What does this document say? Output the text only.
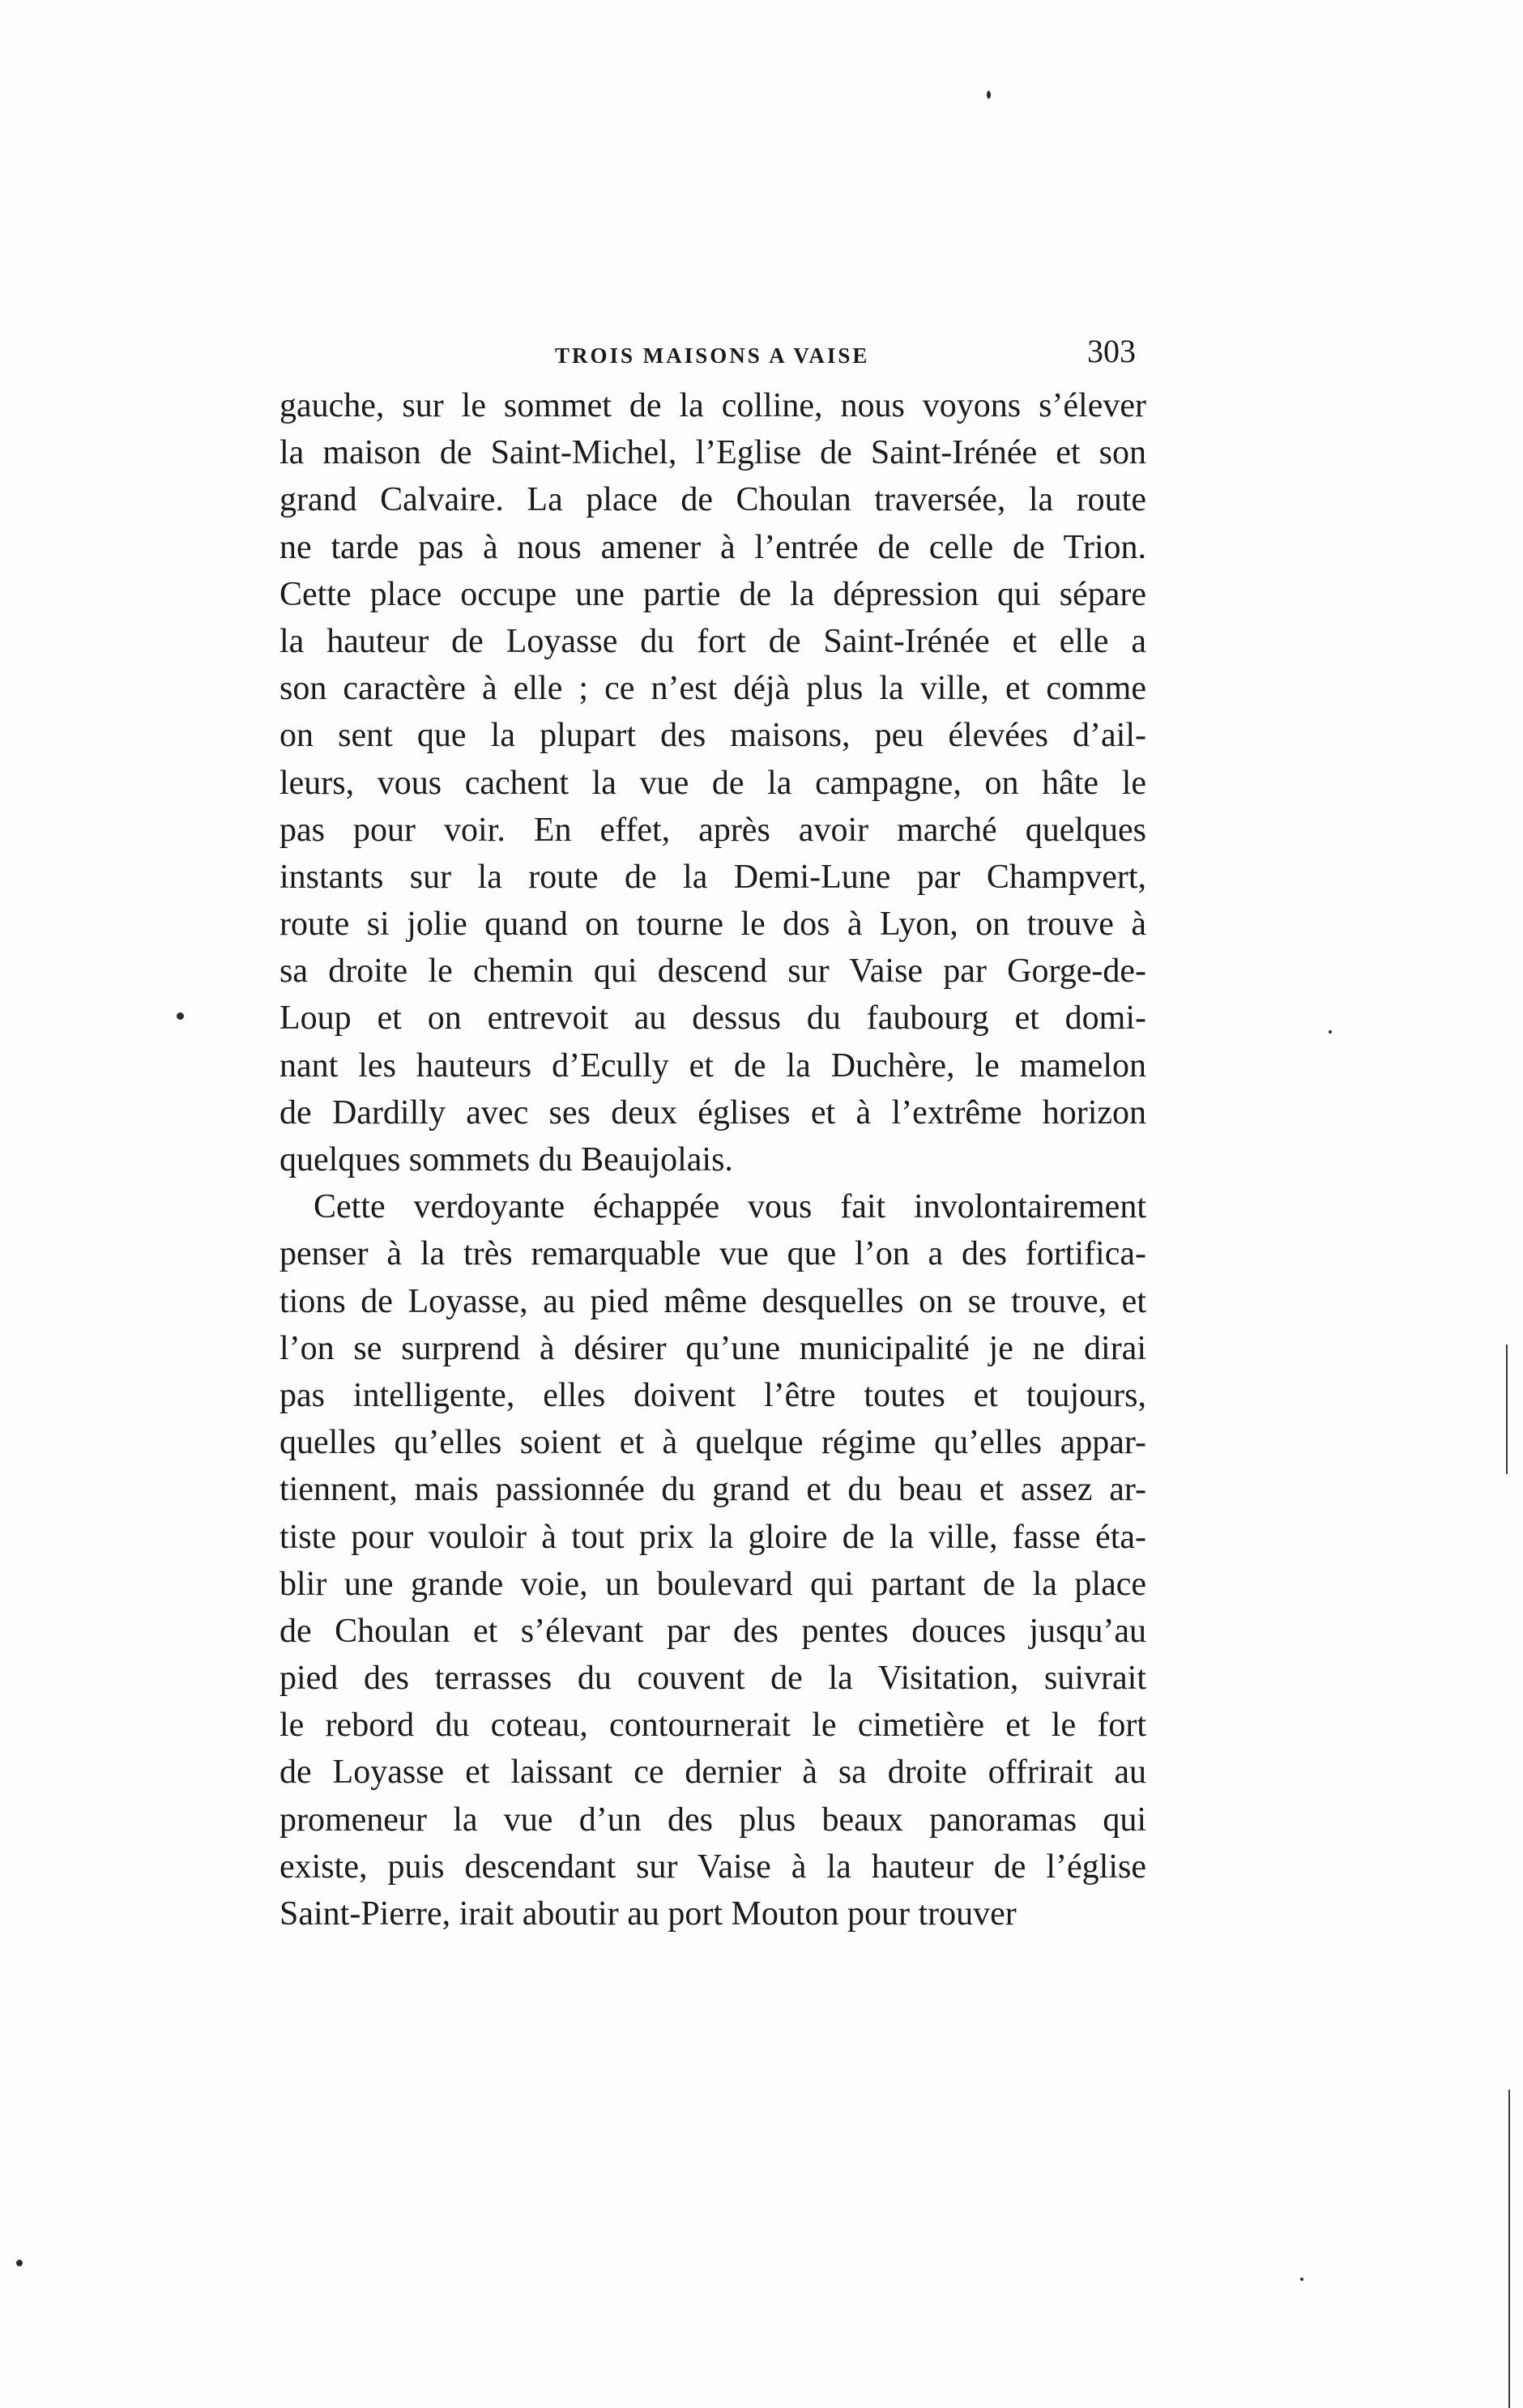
TROIS MAISONS A VAISE	303
gauche, sur le sommet de la colline, nous voyons s’élever
la maison de Saint-Michel, l’Eglise de Saint-Irénée et son
grand Calvaire. La place de Choulan traversée, la route
ne tarde pas à nous amener à l’entrée de celle de Trion.
Cette place occupe une partie de la dépression qui sépare
la hauteur de Loyasse du fort de Saint-Irénée et elle a
son caractère à elle ; ce n’est déjà plus la ville, et comme
on sent que la plupart des maisons, peu élevées d’ail-
leurs, vous cachent la vue de la campagne, on hâte le
pas pour voir. En effet, après avoir marché quelques
instants sur la route de la Demi-Lune par Champvert,
route si jolie quand on tourne le dos à Lyon, on trouve à
sa droite le chemin qui descend sur Vaise par Gorge-de-
Loup et on entrevoit au dessus du faubourg et domi-
nant les hauteurs d’Ecully et de la Duchère, le mamelon
de Dardilly avec ses deux églises et à l’extrême horizon
quelques sommets du Beaujolais.
Cette verdoyante échappée vous fait involontairement
penser à la très remarquable vue que l’on a des fortifica-
tions de Loyasse, au pied même desquelles on se trouve, et
l’on se surprend à désirer qu’une municipalité je ne dirai
pas intelligente, elles doivent l’être toutes et toujours,
quelles qu’elles soient et à quelque régime qu’elles appar-
tiennent, mais passionnée du grand et du beau et assez ar-
tiste pour vouloir à tout prix la gloire de la ville, fasse éta-
blir une grande voie, un boulevard qui partant de la place
de Choulan et s’élevant par des pentes douces jusqu’au
pied des terrasses du couvent de la Visitation, suivrait
le rebord du coteau, contournerait le cimetière et le fort
de Loyasse et laissant ce dernier à sa droite offrirait au
promeneur la vue d’un des plus beaux panoramas qui
existe, puis descendant sur Vaise à la hauteur de l’église
Saint-Pierre, irait aboutir au port Mouton pour trouver
